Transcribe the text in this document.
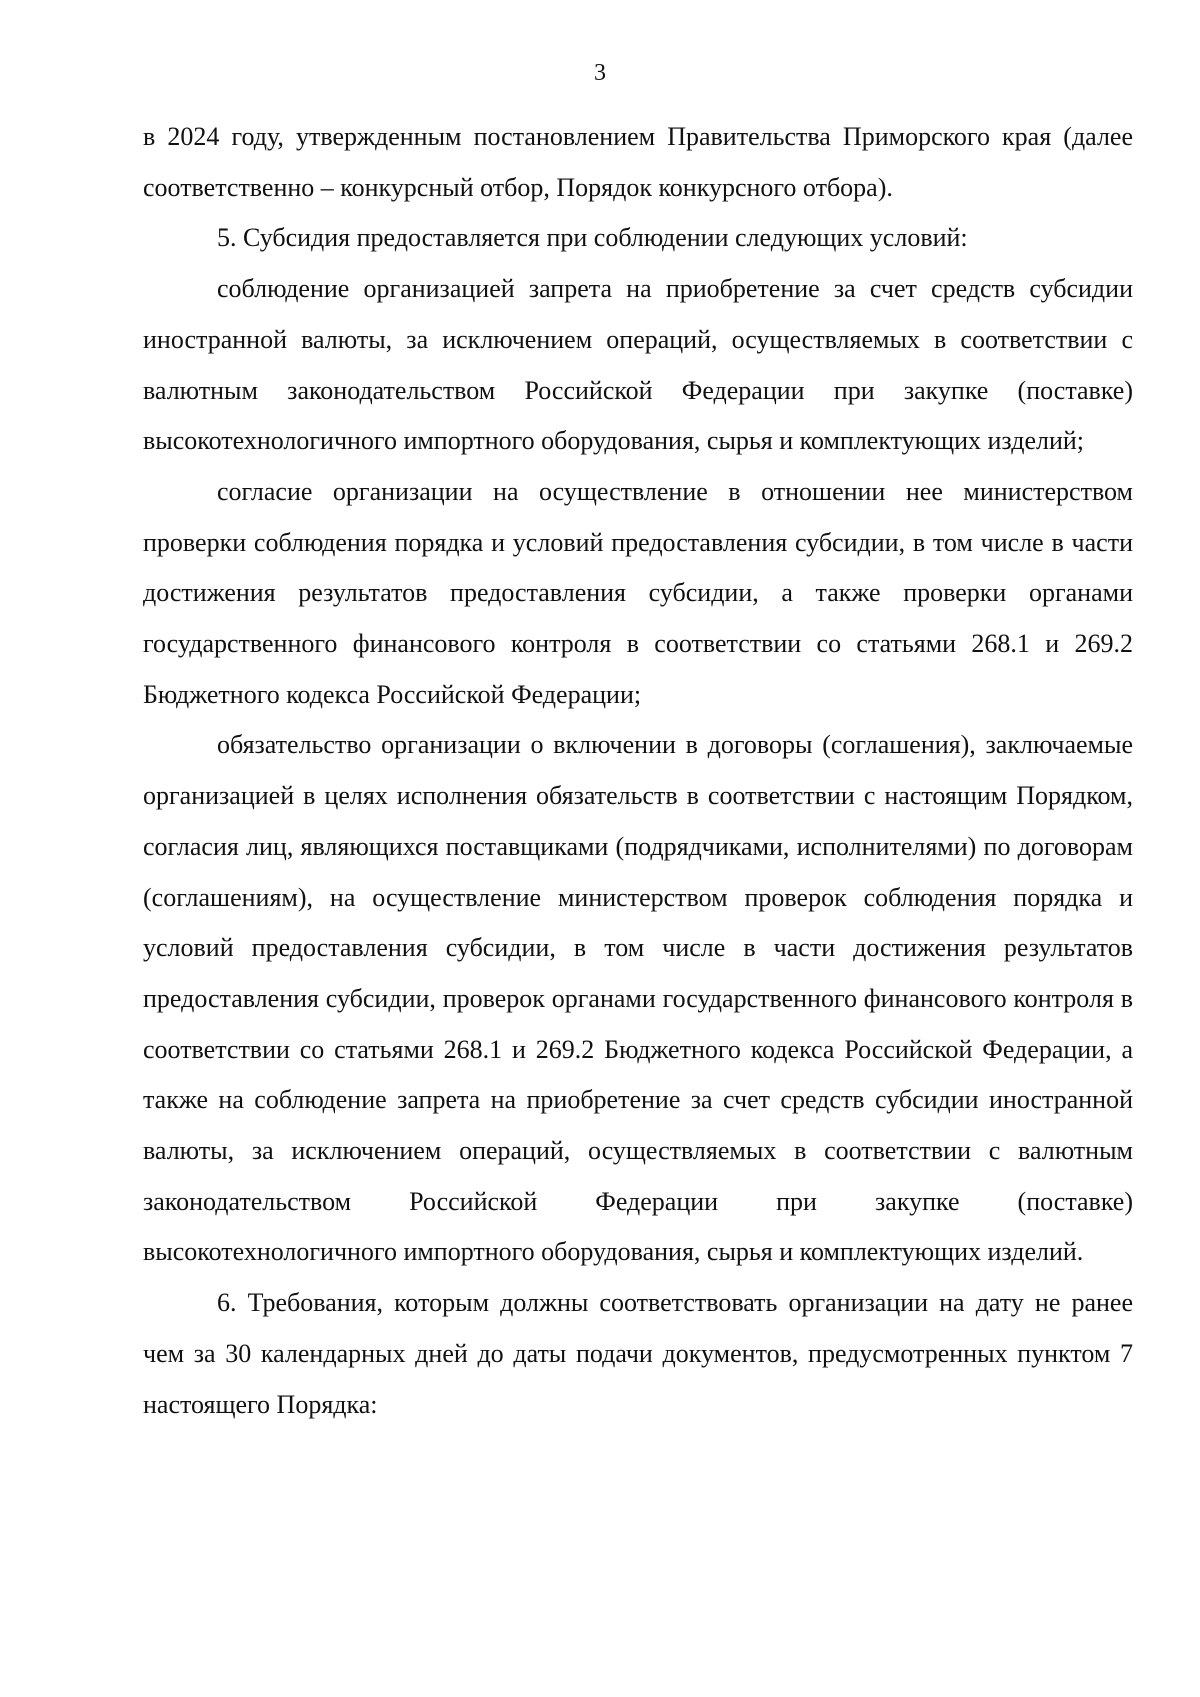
3

в 2024 году, утвержденным постановлением Правительства Приморского края (далее соответственно – конкурсный отбор, Порядок конкурсного отбора).

5. Субсидия предоставляется при соблюдении следующих условий:

соблюдение организацией запрета на приобретение за счет средств субсидии иностранной валюты, за исключением операций, осуществляемых в соответствии с валютным законодательством Российской Федерации при закупке (поставке) высокотехнологичного импортного оборудования, сырья и комплектующих изделий;

согласие организации на осуществление в отношении нее министерством проверки соблюдения порядка и условий предоставления субсидии, в том числе в части достижения результатов предоставления субсидии, а также проверки органами государственного финансового контроля в соответствии со статьями 268.1 и 269.2 Бюджетного кодекса Российской Федерации;

обязательство организации о включении в договоры (соглашения), заключаемые организацией в целях исполнения обязательств в соответствии с настоящим Порядком, согласия лиц, являющихся поставщиками (подрядчиками, исполнителями) по договорам (соглашениям), на осуществление министерством проверок соблюдения порядка и условий предоставления субсидии, в том числе в части достижения результатов предоставления субсидии, проверок органами государственного финансового контроля в соответствии со статьями 268.1 и 269.2 Бюджетного кодекса Российской Федерации, а также на соблюдение запрета на приобретение за счет средств субсидии иностранной валюты, за исключением операций, осуществляемых в соответствии с валютным законодательством Российской Федерации при закупке (поставке) высокотехнологичного импортного оборудования, сырья и комплектующих изделий.

6. Требования, которым должны соответствовать организации на дату не ранее чем за 30 календарных дней до даты подачи документов, предусмотренных пунктом 7 настоящего Порядка:
